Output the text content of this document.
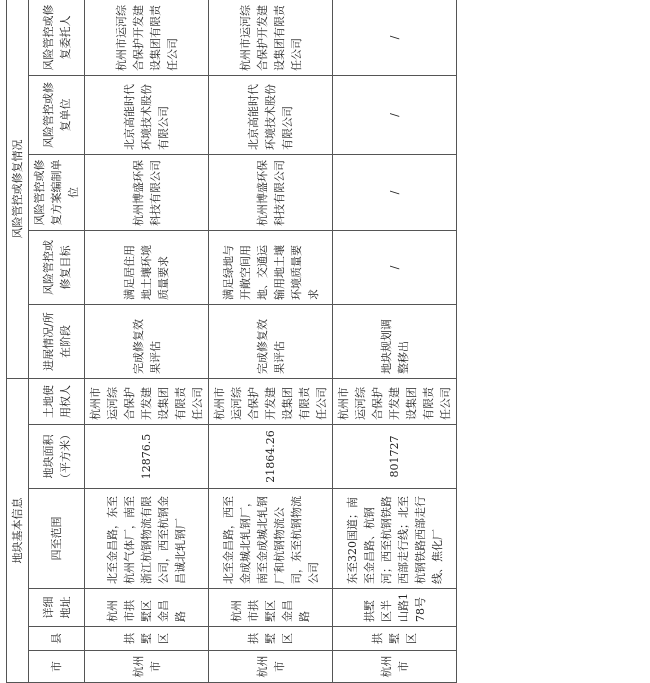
地块基本信息						风险管控或修复情况				
市	县	详细地址	四至范围	地块面积（平方米）	土地使用权人	进展情况/所在阶段	风险管控或修复目标	风险管控或修复方案编制单位	风险管控或修复单位	风险管控或修复委托人
杭州市	拱墅区	杭州市拱墅区金昌路	北至金昌路，东至杭州气体厂，南至浙江杭钢物流有限公司，西至杭钢金昌诚北轧钢厂	12876.5	杭州市运河综合保护开发建设集团有限责任公司	完成修复效果评估	满足居住用地土壤环境质量要求	杭州博盛环保科技有限公司	北京高能时代环境技术股份有限公司	杭州市运河综合保护开发建设集团有限责任公司
杭州市	拱墅区	杭州市拱墅区金昌路	北至金昌路，西至金成城北轧钢厂，南至金成城北轧钢厂和杭钢物流公司，东至杭钢物流公司	21864.26	杭州市运河综合保护开发建设集团有限责任公司	完成修复效果评估	满足绿地与开敞空间用地、交通运输用地土壤环境质量要求	杭州博盛环保科技有限公司	北京高能时代环境技术股份有限公司	杭州市运河综合保护开发建设集团有限责任公司
杭州市	拱墅区	拱墅区半山路178号	东至320国道；南至金昌路、杭钢河；西至杭钢铁路西部走行线；北至杭钢铁路西部走行线、焦化厂	801727	杭州市运河综合保护开发建设集团有限责任公司	地块规划调整移出	/	/	/	/
